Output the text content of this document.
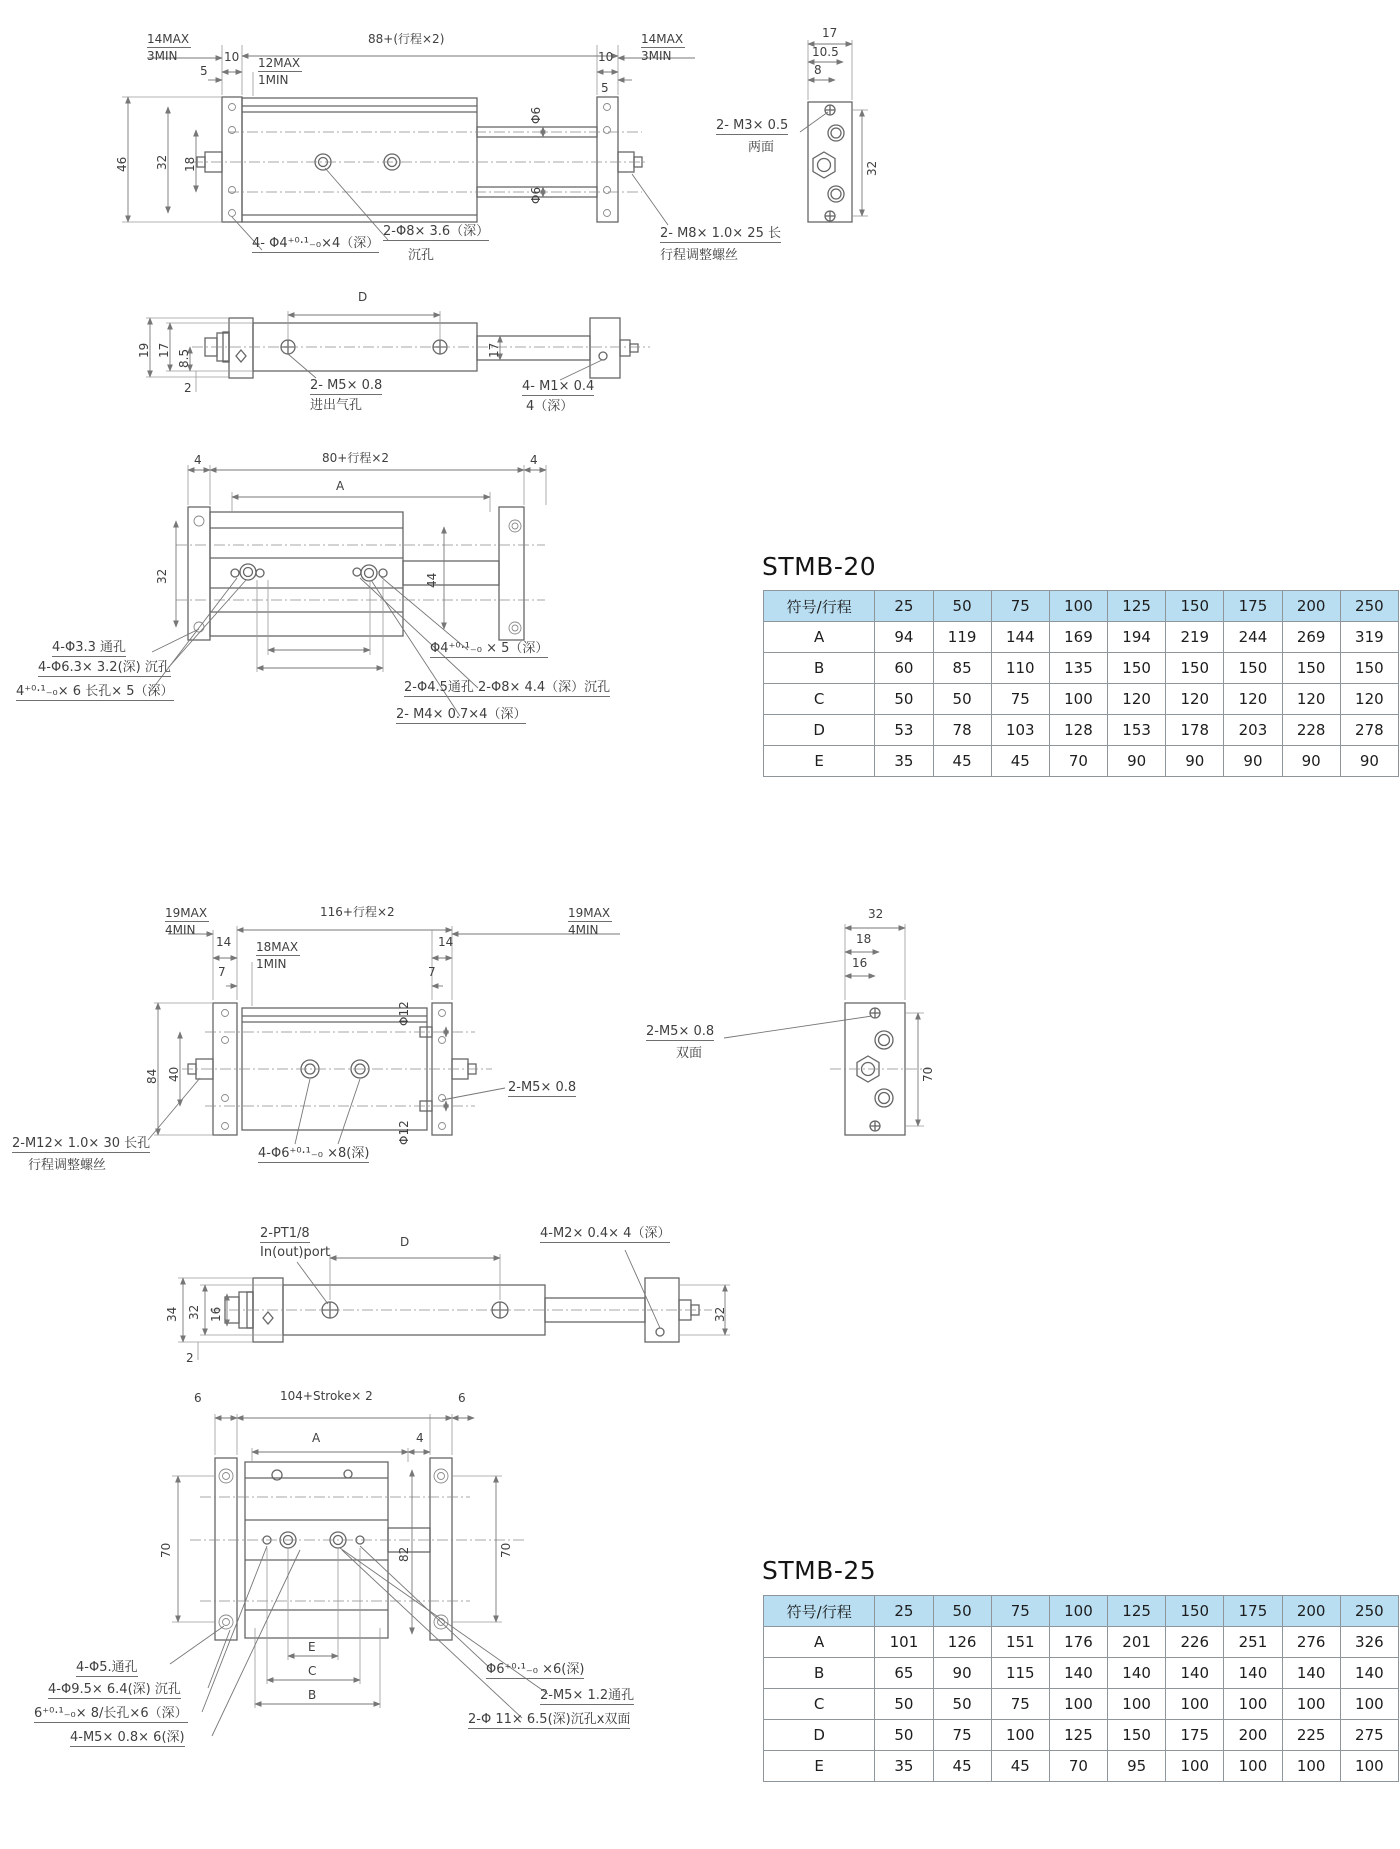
14MAX
3MIN	10 12MAX
1MIN
5
88+(行程×2)	14MAX
3MIN
10
5
46 32 18
Φ6
Φ6
4- Φ4⁺⁰·¹₋₀×4（深）
2-Φ8× 3.6（深）
沉孔
2- M8× 1.0× 25 长
行程调整螺丝
17
10.5
8
32
2- M3× 0.5
两面
D
19 17 8.5
2
17
2- M5× 0.8
进出气孔
4- M1× 0.4
4（深）
4	80+行程×2	4
A
32	44
4-Φ3.3 通孔
4-Φ6.3× 3.2(深) 沉孔
4⁺⁰·¹₋₀× 6 长孔× 5（深）
Φ4⁺⁰·¹₋₀ × 5（深）
2-Φ4.5通孔 2-Φ8× 4.4（深）沉孔
2- M4× 0.7×4（深）
STMB-20
符号/行程	25	50	75	100	125	150	175	200	250
A	94	119	144	169	194	219	244	269	319
B	60	85	110	135	150	150	150	150	150
C	50	50	75	100	120	120	120	120	120
D	53	78	103	128	153	178	203	228	278
E	35	45	45	70	90	90	90	90	90
19MAX
4MIN
14 18MAX
1MIN
7
116+行程×2	19MAX
4MIN
14
7
84 40
Φ12
Φ12
2-M5× 0.8
2-M12× 1.0× 30 长孔
行程调整螺丝
4-Φ6⁺⁰·¹₋₀ ×8(深)
32
18
16
70
2-M5× 0.8
双面
2-PT1/8
In(out)port
D
4-M2× 0.4× 4（深）
34 32 16
2
32
6	104+Stroke× 2	6
A	4
70	82	70
E
C
B
4-Φ5.通孔
4-Φ9.5× 6.4(深) 沉孔
6⁺⁰·¹₋₀× 8/长孔×6（深）
4-M5× 0.8× 6(深)
Φ6⁺⁰·¹₋₀ ×6(深)
2-M5× 1.2通孔
2-Φ 11× 6.5(深)沉孔x双面
STMB-25
符号/行程	25	50	75	100	125	150	175	200	250
A	101	126	151	176	201	226	251	276	326
B	65	90	115	140	140	140	140	140	140
C	50	50	75	100	100	100	100	100	100
D	50	75	100	125	150	175	200	225	275
E	35	45	45	70	95	100	100	100	100
